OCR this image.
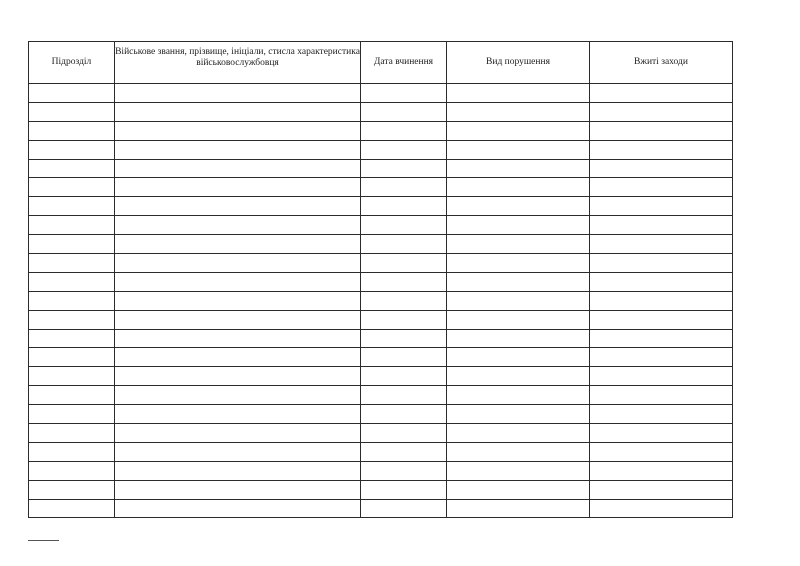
Підрозділ	Військове звання, прізвище, ініціали, стисла характеристика військовослужбовця	Дата вчинення	Вид порушення	Вжиті заходи
